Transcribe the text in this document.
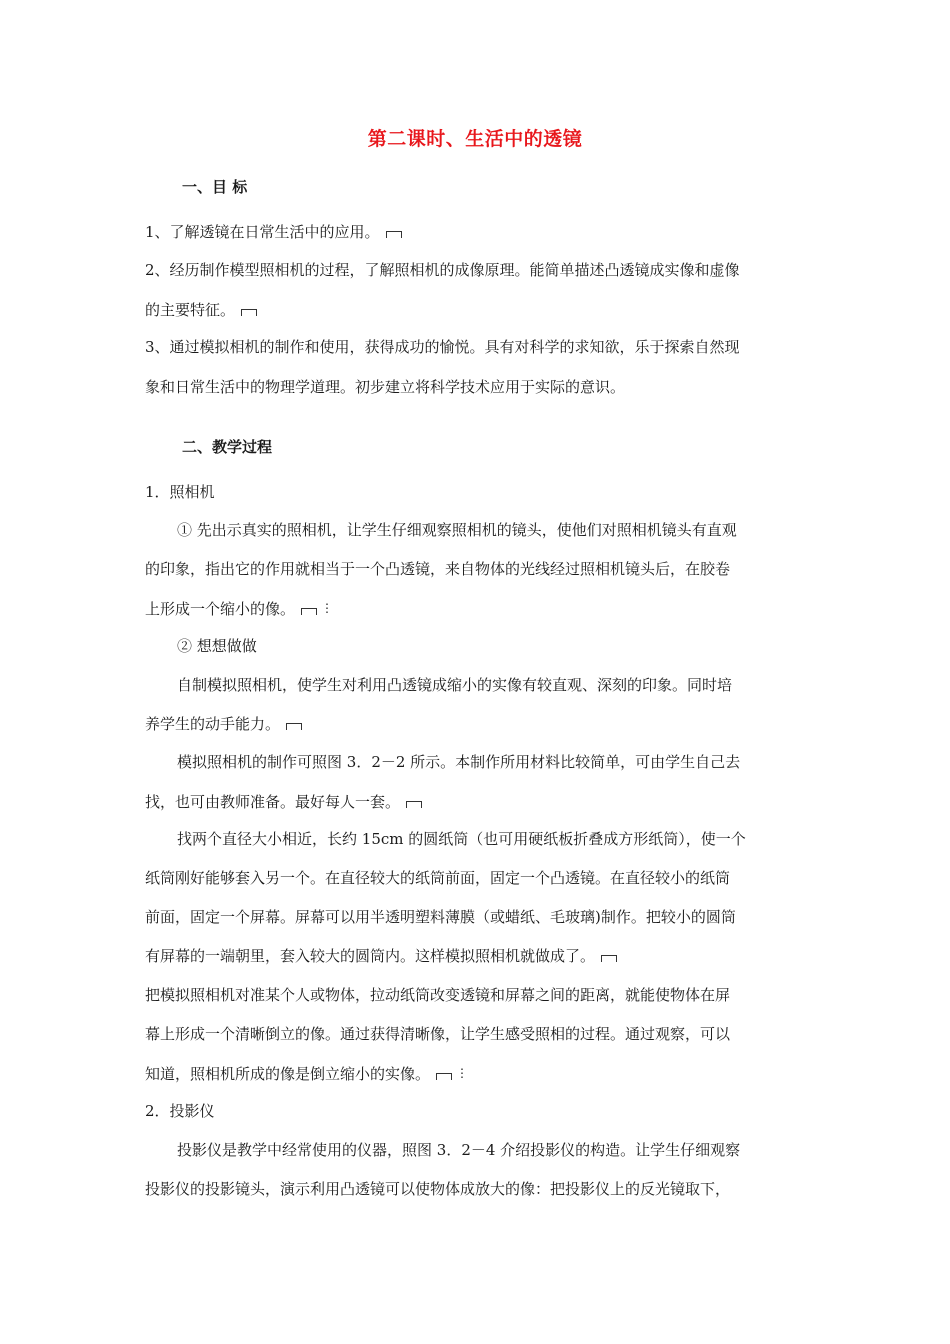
第二课时、生活中的透镜
一、目 标
1、了解透镜在日常生活中的应用。
2、经历制作模型照相机的过程，了解照相机的成像原理。能简单描述凸透镜成实像和虚像
的主要特征。
3、通过模拟相机的制作和使用，获得成功的愉悦。具有对科学的求知欲，乐于探索自然现
象和日常生活中的物理学道理。初步建立将科学技术应用于实际的意识。
二、教学过程
1．照相机
① 先出示真实的照相机，让学生仔细观察照相机的镜头，使他们对照相机镜头有直观
的印象，指出它的作用就相当于一个凸透镜，来自物体的光线经过照相机镜头后，在胶卷
上形成一个缩小的像。 ⋮
② 想想做做
自制模拟照相机，使学生对利用凸透镜成缩小的实像有较直观、深刻的印象。同时培
养学生的动手能力。
模拟照相机的制作可照图 3．2－2 所示。本制作所用材料比较简单，可由学生自己去
找，也可由教师准备。最好每人一套。
找两个直径大小相近，长约 15cm 的圆纸筒（也可用硬纸板折叠成方形纸筒），使一个
纸筒刚好能够套入另一个。在直径较大的纸筒前面，固定一个凸透镜。在直径较小的纸筒
前面，固定一个屏幕。屏幕可以用半透明塑料薄膜（或蜡纸、毛玻璃)制作。把较小的圆筒
有屏幕的一端朝里，套入较大的圆筒内。这样模拟照相机就做成了。
把模拟照相机对准某个人或物体，拉动纸筒改变透镜和屏幕之间的距离，就能使物体在屏
幕上形成一个清晰倒立的像。通过获得清晰像，让学生感受照相的过程。通过观察，可以
知道，照相机所成的像是倒立缩小的实像。 ⋮
2．投影仪
投影仪是教学中经常使用的仪器，照图 3．2－4 介绍投影仪的构造。让学生仔细观察
投影仪的投影镜头，演示利用凸透镜可以使物体成放大的像：把投影仪上的反光镜取下，
